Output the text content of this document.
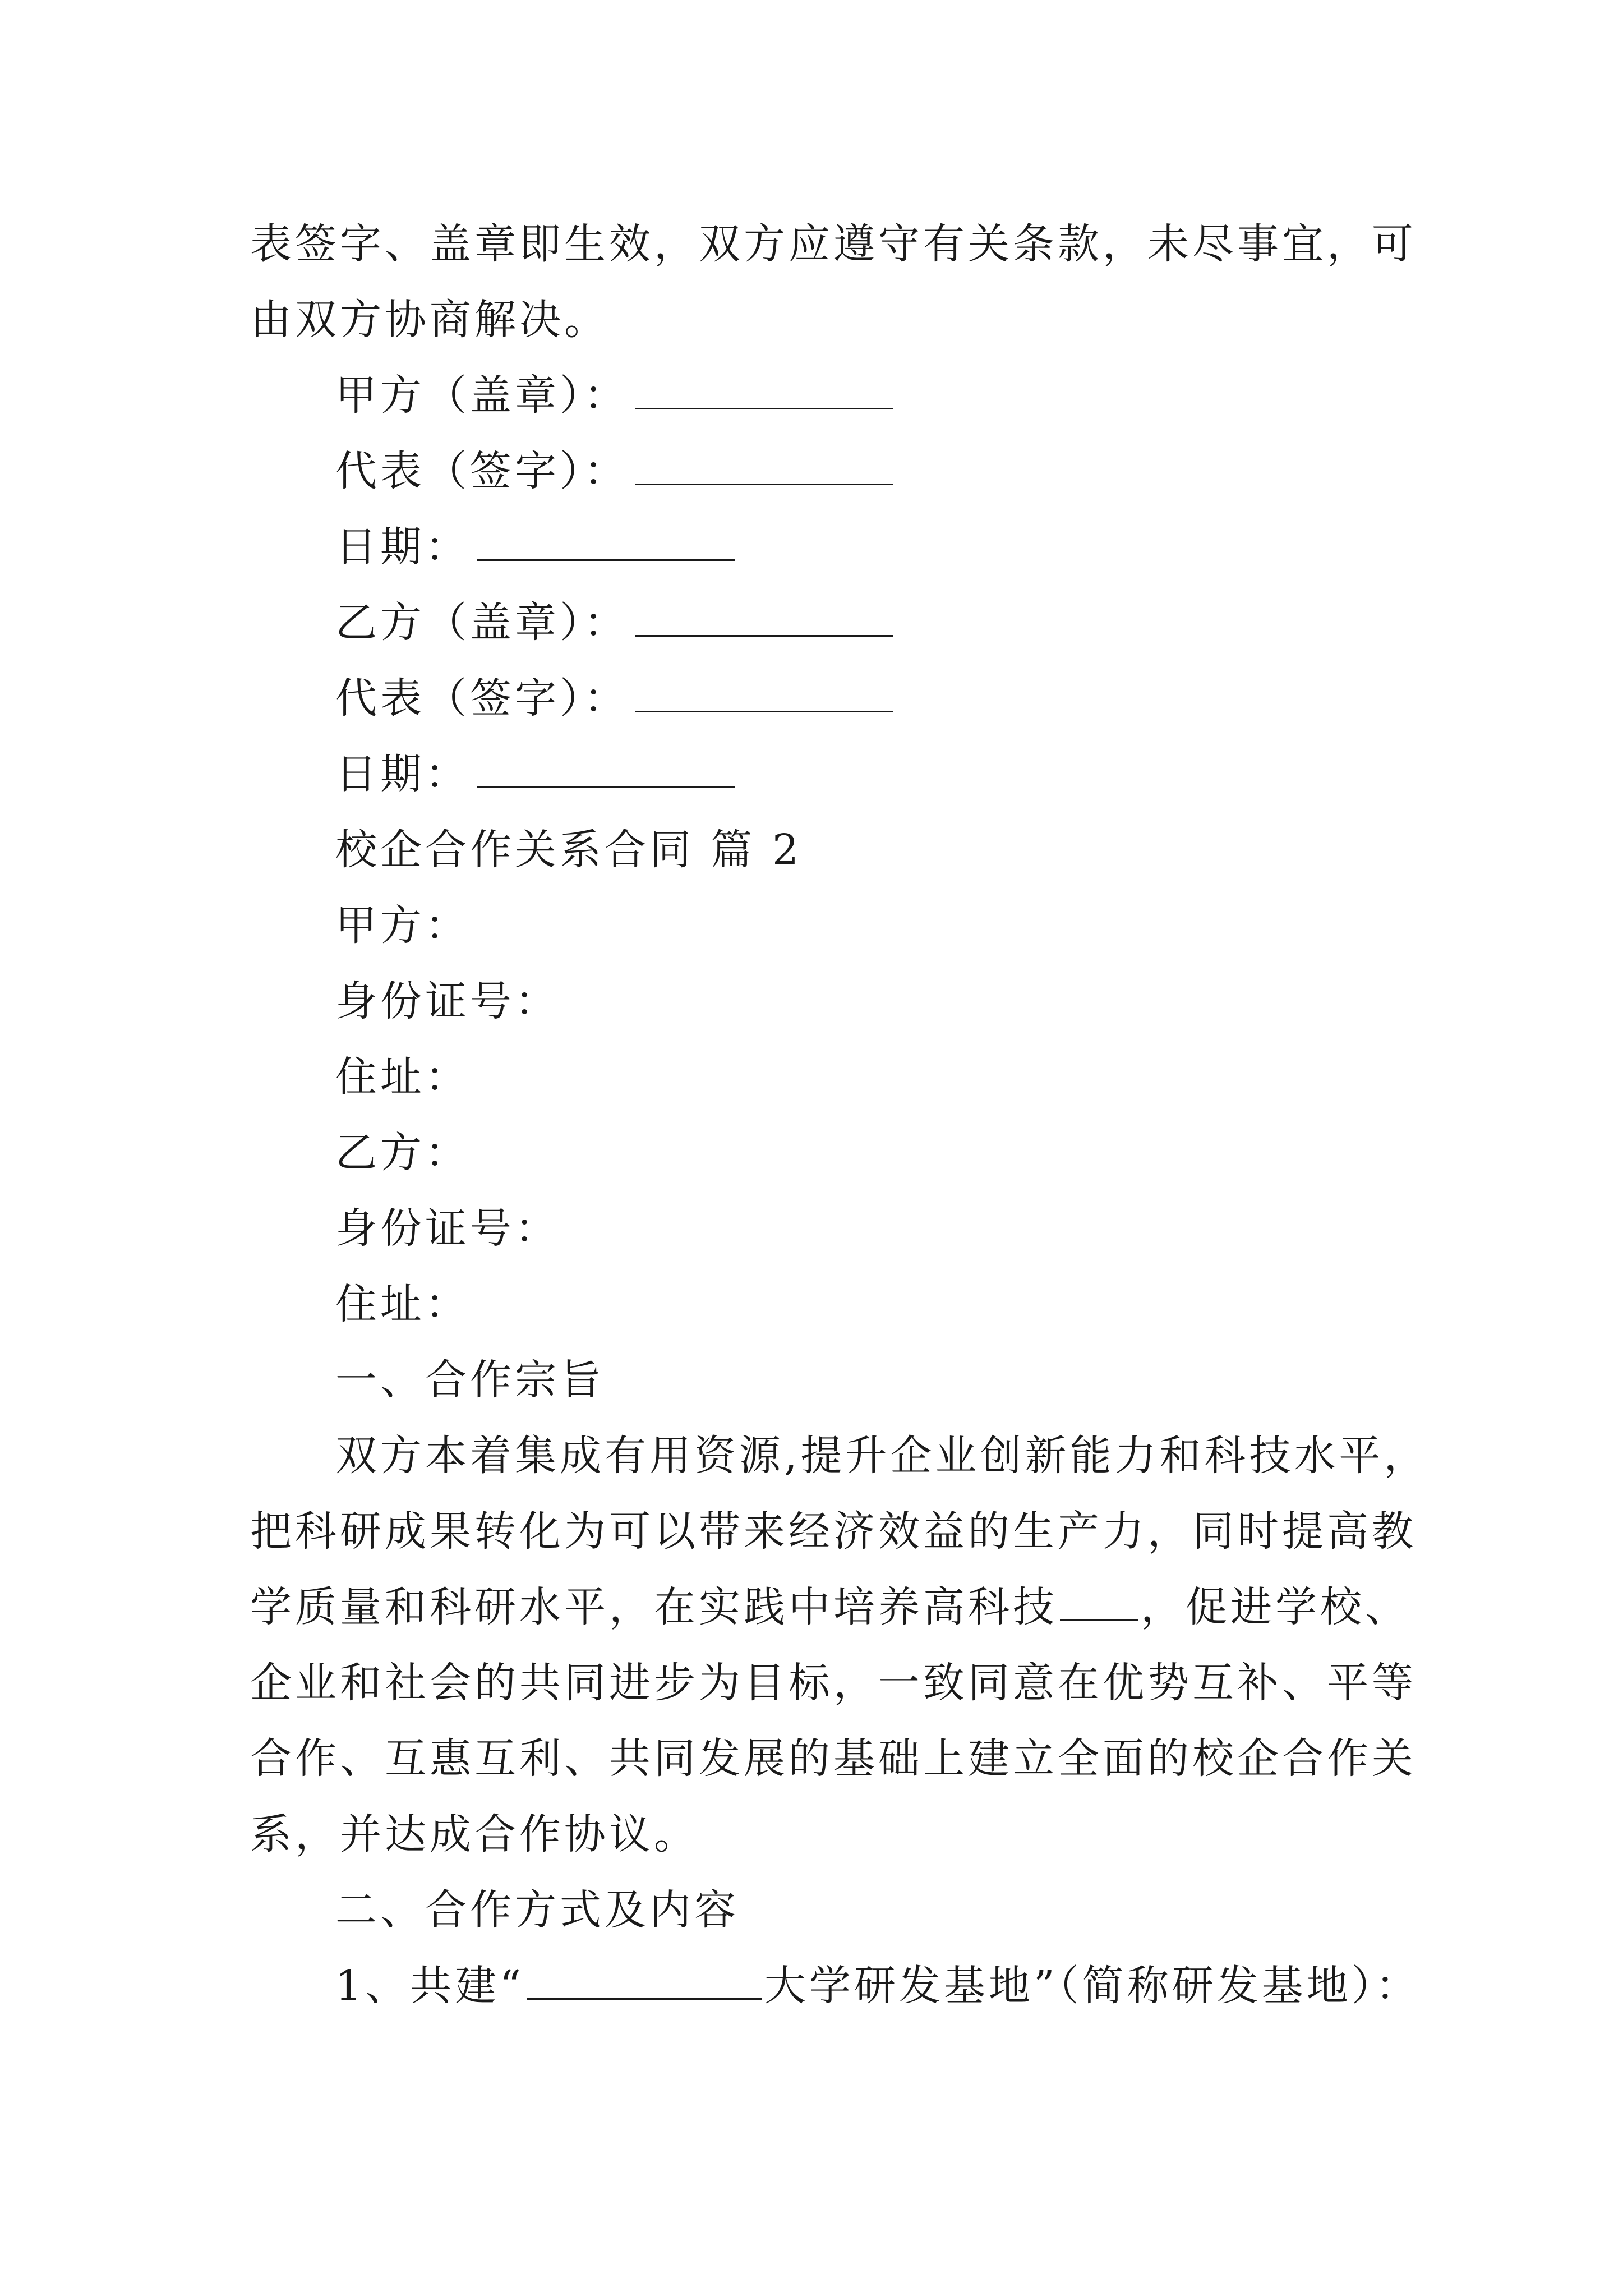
表签字、盖章即生效，双方应遵守有关条款，未尽事宜，可
由双方协商解决。
甲方（盖章）：
代表（签字）：
日期：
乙方（盖章）：
代表（签字）：
日期：
校企合作关系合同 篇 2
甲方：
身份证号：
住址：
乙方：
身份证号：
住址：
一、合作宗旨
双方本着集成有用资源,提升企业创新能力和科技水平，
把科研成果转化为可以带来经济效益的生产力，同时提高教
学质量和科研水平，在实践中培养高科技 ，促进学校、
企业和社会的共同进步为目标，一致同意在优势互补、平等
合作、互惠互利、共同发展的基础上建立全面的校企合作关
系，并达成合作协议。
二、合作方式及内容
1、共建“	大学研发基地”（简称研发基地）：
